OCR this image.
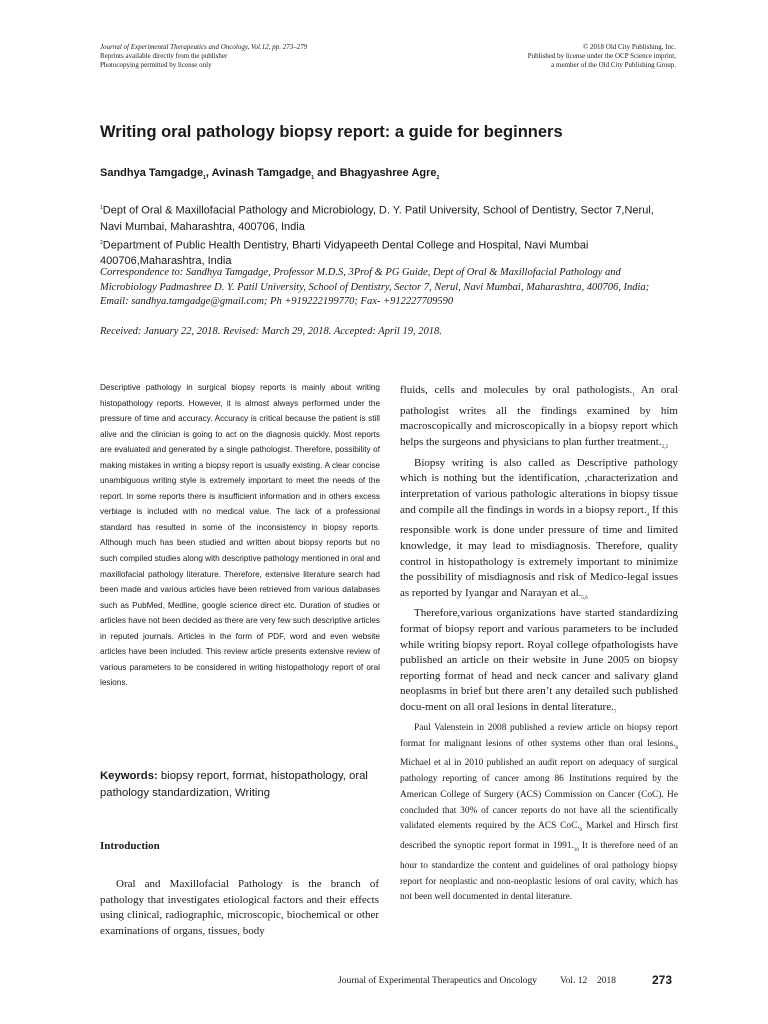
Journal of Experimental Therapeutics and Oncology, Vol.12, pp. 273–279
Reprints available directly from the publisher
Photocopying permitted by license only
© 2018 Old City Publishing, Inc.
Published by license under the OCP Science imprint,
a member of the Old City Publishing Group.
Writing oral pathology biopsy report: a guide for beginners
Sandhya Tamgadge$_1$, Avinash Tamgadge$_1$ and Bhagyashree Agre$_2$

$^1$Dept of Oral & Maxillofacial Pathology and Microbiology, D. Y. Patil University, School of Dentistry, Sector 7,Nerul, Navi Mumbai, Maharashtra, 400706, India

$^2$Department of Public Health Dentistry, Bharti Vidyapeeth Dental College and Hospital, Navi Mumbai 400706,Maharashtra, India

Correspondence to: Sandhya Tamgadge, Professor M.D.S, 3Prof & PG Guide, Dept of Oral & Maxillofacial Pathology and Microbiology Padmashree D. Y. Patil University, School of Dentistry, Sector 7, Nerul, Navi Mumbai, Maharashtra, 400706, India; Email: sandhya.tamgadge@gmail.com; Ph +919222199770; Fax- +912227709590
Received: January 22, 2018. Revised: March 29, 2018. Accepted: April 19, 2018.
Descriptive pathology in surgical biopsy reports is mainly about writing histopathology reports. However, it is almost always performed under the pressure of time and accuracy. Accuracy is critical because the patient is still alive and the clinician is going to act on the diagnosis quickly. Most reports are evaluated and generated by a single pathologist. Therefore, possibility of making mistakes in writing a biopsy report is usually existing. A clear concise unambiguous writing style is extremely important to meet the needs of the report. In some reports there is insufficient information and in others excess verbiage is included with no medical value. The lack of a professional standard has resulted in some of the inconsistency in biopsy reports. Although much has been studied and written about biopsy reports but no such compiled studies along with descriptive pathology mentioned in oral and maxillofacial pathology literature. Therefore, extensive literature search had been made and various articles have been retrieved from various databases such as PubMed, Medline, google science direct etc. Duration of studies or articles have not been decided as there are very few such descriptive articles in reputed journals. Articles in the form of PDF, word and even website articles have been included. This review article presents extensive review of various parameters to be considered in writing histopathology report of oral lesions.
Keywords: biopsy report, format, histopathology, oral pathology standardization, Writing
Introduction
Oral and Maxillofacial Pathology is the branch of pathology that investigates etiological factors and their effects using clinical, radiographic, microscopic, biochemical or other examinations of organs, tissues, body

fluids, cells and molecules by oral $pathologists._1$ An oral pathologist writes all the findings examined by him macroscopically and microscopically in a biopsy report which helps the surgeons and physicians to plan further $treatment._{2,3}$

Biopsy writing is also called as Descriptive pathology which is nothing but the identification, ,characterization and interpretation of various pathologic alterations in biopsy tissue and compile all the findings in words in a biopsy $report._4$ If this responsible work is done under pressure of time and limited knowledge, it may lead to misdiagnosis. Therefore, quality control in histopathology is extremely important to minimize the possibility of misdiagnosis and risk of Medico-legal issues as reported by Iyangar and Narayan et $al._{5,6}$

Therefore,various organizations have started standardizing format of biopsy report and various parameters to be included while writing biopsy report. Royal college ofpathologists have published an article on their website in June 2005 on biopsy reporting format of head and neck cancer and salivary gland neoplasms in brief but there aren’t any detailed such published docu-ment on all oral lesions in dental $literature._7$

Paul Valenstein in 2008 published a review article on biopsy report format for malignant lesions of other systems other than oral $lesions._8$ Michael et al in 2010 published an audit report on adequacy of surgical pathology reporting of cancer among 86 Institutions required by the American College of Surgery (ACS) Commission on Cancer (CoC). He concluded that 30% of cancer reports do not have all the scientifically validated elements required by the ACS $CoC._9$ Markel and Hirsch first described the synoptic report format in $1991._{10}$ It is therefore need of an hour to standardize the content and guidelines of oral pathology biopsy report for neoplastic and non-neoplastic lesions of oral cavity, which has not been well documented in dental literature.

Journal of Experimental Therapeutics and Oncology Vol. 12 2018	273
